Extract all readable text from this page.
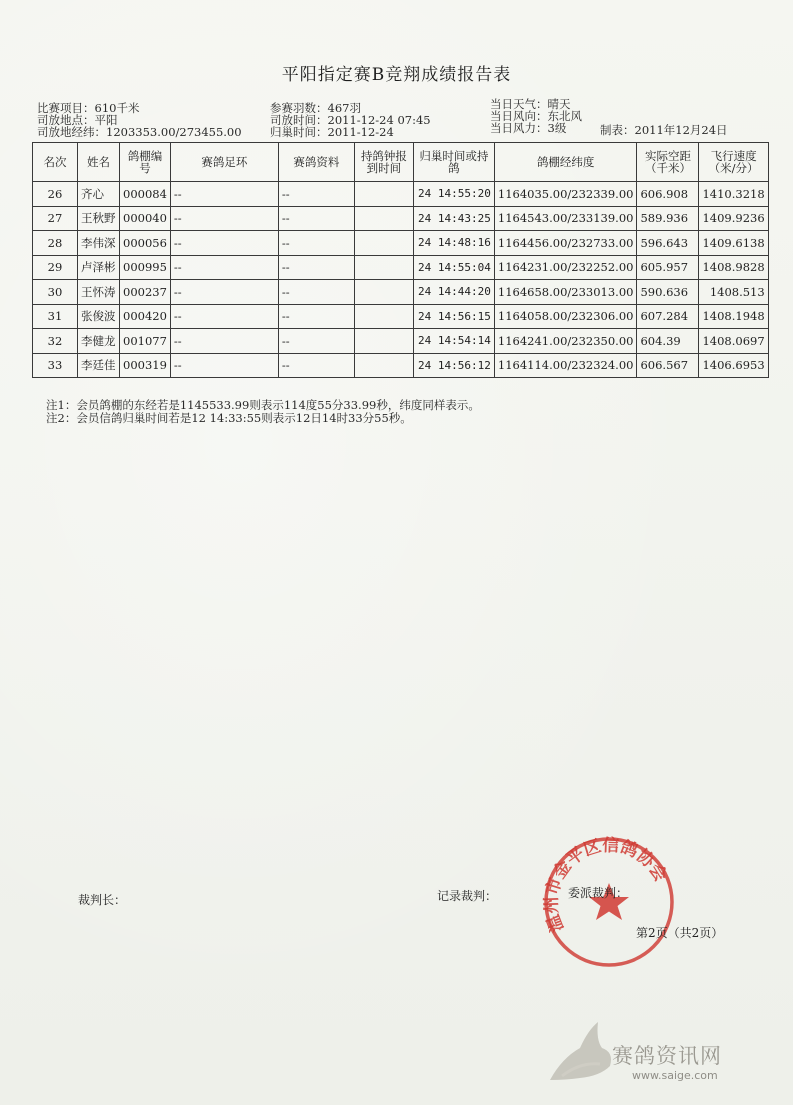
平阳指定赛B竞翔成绩报告表
比赛项目：610千米
司放地点：平阳
司放地经纬：1203353.00/273455.00
参赛羽数：467羽
司放时间：2011-12-24 07:45
归巢时间：2011-12-24
当日天气：晴天
当日风向：东北风
当日风力：3级	制表：2011年12月24日
名次	姓名	鸽棚编号	赛鸽足环	赛鸽资料	持鸽钟报到时间	归巢时间或持鸽	鸽棚经纬度	实际空距（千米）	飞行速度（米/分）
26	齐心	000084	--	--		24 14:55:20	1164035.00/232339.00	606.908	1410.3218
27	王秋野	000040	--	--		24 14:43:25	1164543.00/233139.00	589.936	1409.9236
28	李伟深	000056	--	--		24 14:48:16	1164456.00/232733.00	596.643	1409.6138
29	卢泽彬	000995	--	--		24 14:55:04	1164231.00/232252.00	605.957	1408.9828
30	王怀涛	000237	--	--		24 14:44:20	1164658.00/233013.00	590.636	1408.513
31	张俊波	000420	--	--		24 14:56:15	1164058.00/232306.00	607.284	1408.1948
32	李健龙	001077	--	--		24 14:54:14	1164241.00/232350.00	604.39	1408.0697
33	李廷佳	000319	--	--		24 14:56:12	1164114.00/232324.00	606.567	1406.6953
注1：会员鸽棚的东经若是1145533.99则表示114度55分33.99秒，纬度同样表示。
注2：会员信鸽归巢时间若是12 14:33:55则表示12日14时33分55秒。
裁判长：	记录裁判：
温州市金平区信鸽协会
委派裁判：
第2页（共2页）
赛鸽资讯网
www.saige.com
